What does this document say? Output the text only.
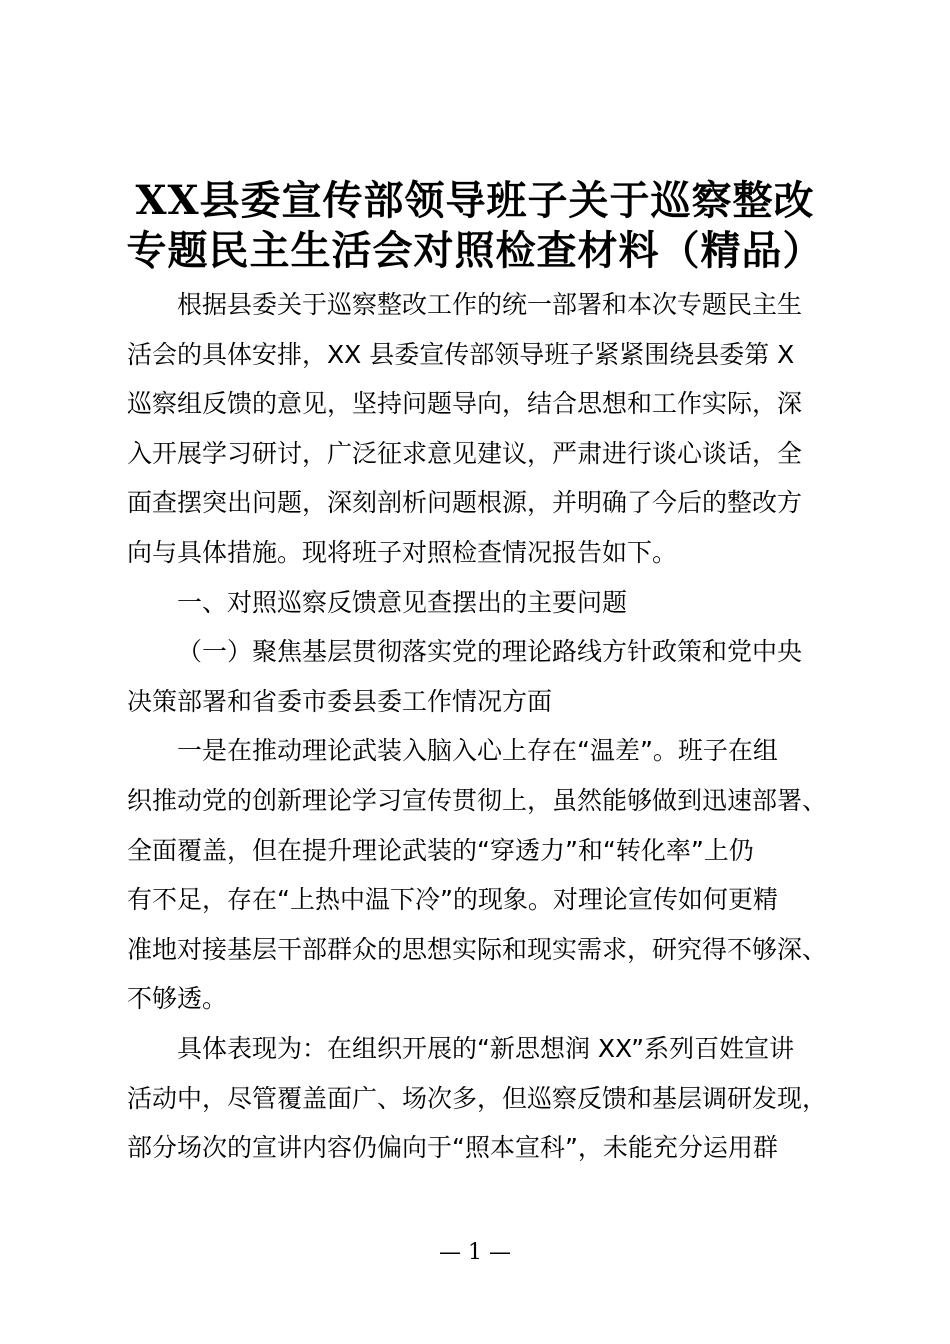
XX县委宣传部领导班子关于巡察整改
专题民主生活会对照检查材料（精品）

根据县委关于巡察整改工作的统一部署和本次专题民主生
活会的具体安排，XX 县委宣传部领导班子紧紧围绕县委第 X
巡察组反馈的意见，坚持问题导向，结合思想和工作实际，深
入开展学习研讨，广泛征求意见建议，严肃进行谈心谈话，全
面查摆突出问题，深刻剖析问题根源，并明确了今后的整改方
向与具体措施。现将班子对照检查情况报告如下。

一、对照巡察反馈意见查摆出的主要问题

（一）聚焦基层贯彻落实党的理论路线方针政策和党中央
决策部署和省委市委县委工作情况方面

一是在推动理论武装入脑入心上存在“温差”。班子在组
织推动党的创新理论学习宣传贯彻上，虽然能够做到迅速部署、
全面覆盖，但在提升理论武装的“穿透力”和“转化率”上仍
有不足，存在“上热中温下冷”的现象。对理论宣传如何更精
准地对接基层干部群众的思想实际和现实需求，研究得不够深、
不够透。

具体表现为：在组织开展的“新思想润 XX”系列百姓宣讲
活动中，尽管覆盖面广、场次多，但巡察反馈和基层调研发现，
部分场次的宣讲内容仍偏向于“照本宣科”，未能充分运用群

— 1 —
